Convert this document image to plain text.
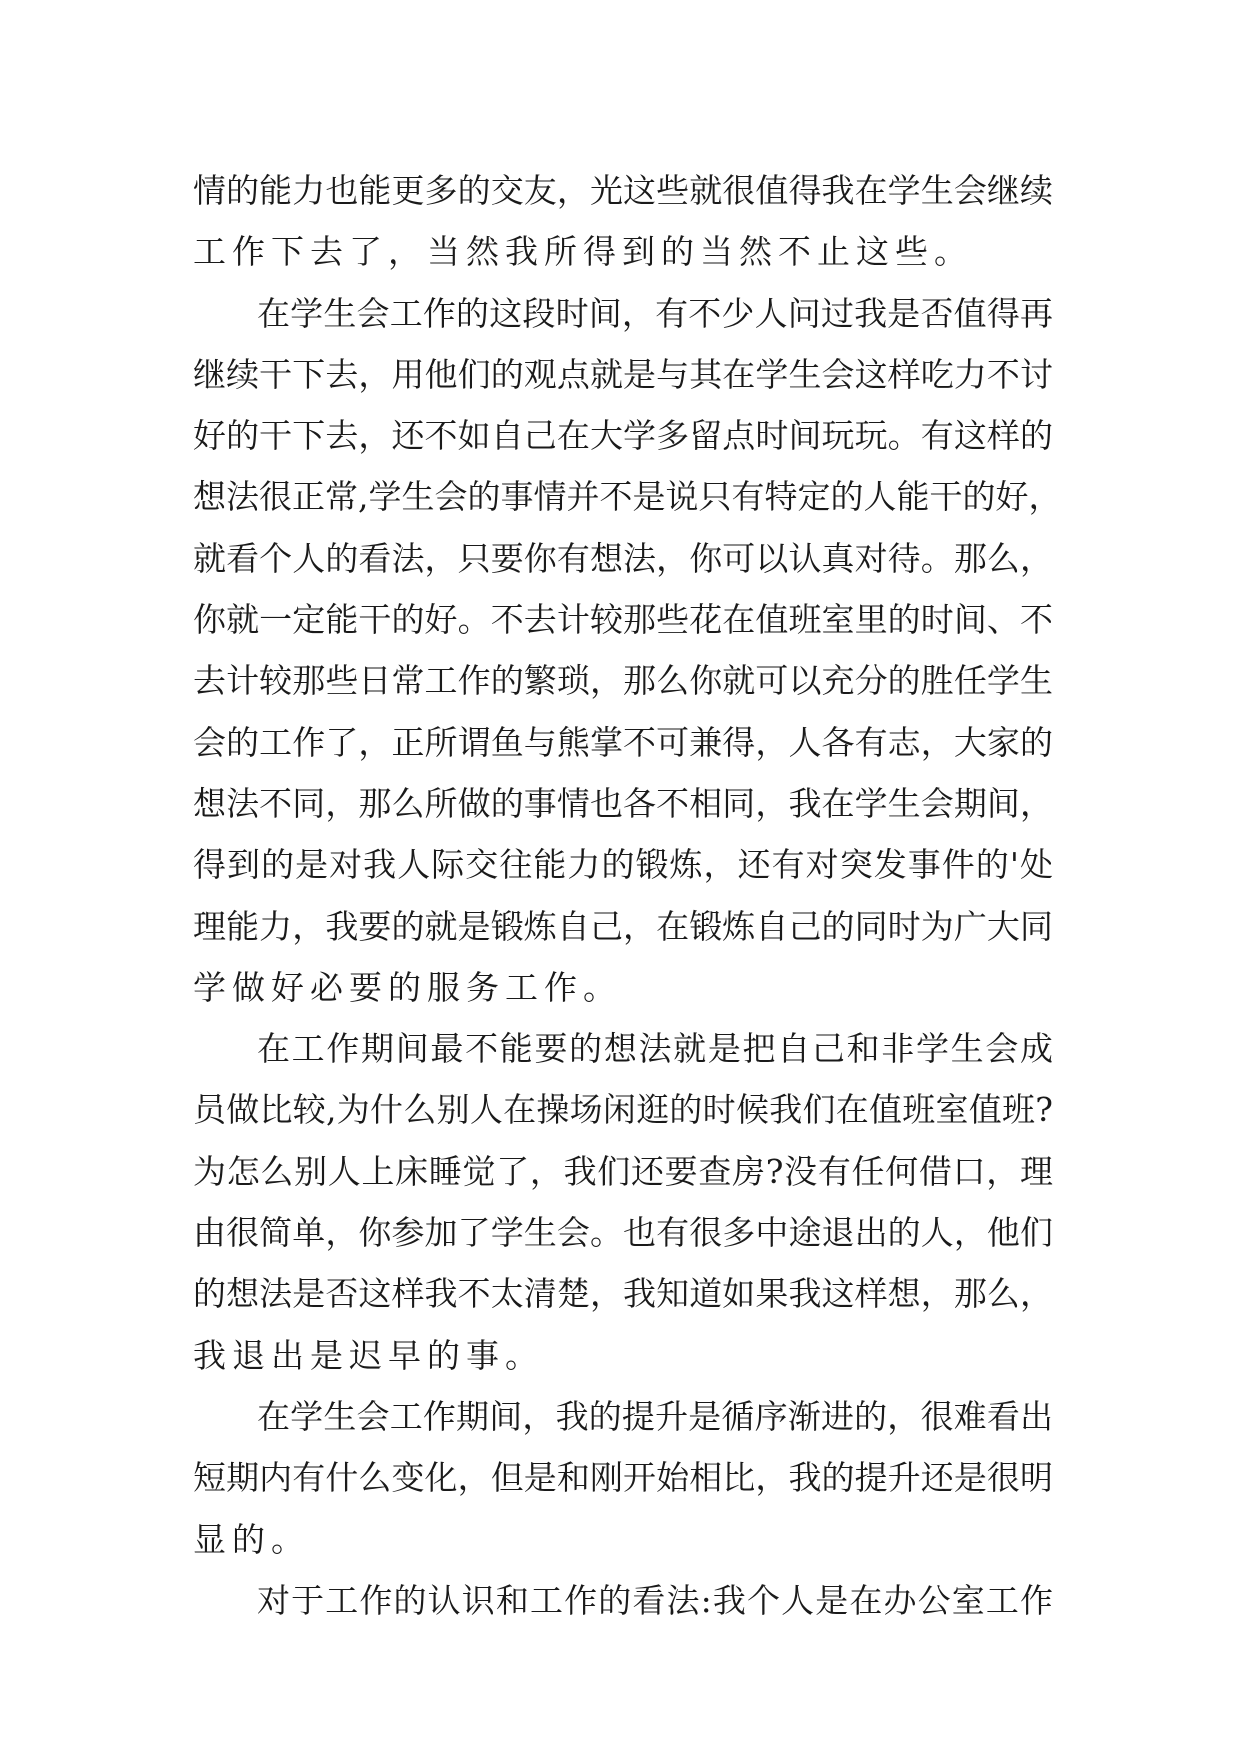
情的能力也能更多的交友，光这些就很值得我在学生会继续
工作下去了，当然我所得到的当然不止这些。
在学生会工作的这段时间，有不少人问过我是否值得再
继续干下去，用他们的观点就是与其在学生会这样吃力不讨
好的干下去，还不如自己在大学多留点时间玩玩。有这样的
想法很正常,学生会的事情并不是说只有特定的人能干的好，
就看个人的看法，只要你有想法，你可以认真对待。那么，
你就一定能干的好。不去计较那些花在值班室里的时间、不
去计较那些日常工作的繁琐，那么你就可以充分的胜任学生
会的工作了，正所谓鱼与熊掌不可兼得，人各有志，大家的
想法不同，那么所做的事情也各不相同，我在学生会期间，
得到的是对我人际交往能力的锻炼，还有对突发事件的'处
理能力，我要的就是锻炼自己，在锻炼自己的同时为广大同
学做好必要的服务工作。
在工作期间最不能要的想法就是把自己和非学生会成
员做比较,为什么别人在操场闲逛的时候我们在值班室值班?
为怎么别人上床睡觉了，我们还要查房?没有任何借口，理
由很简单，你参加了学生会。也有很多中途退出的人，他们
的想法是否这样我不太清楚，我知道如果我这样想，那么，
我退出是迟早的事。
在学生会工作期间，我的提升是循序渐进的，很难看出
短期内有什么变化，但是和刚开始相比，我的提升还是很明
显的。
对于工作的认识和工作的看法:我个人是在办公室工作
